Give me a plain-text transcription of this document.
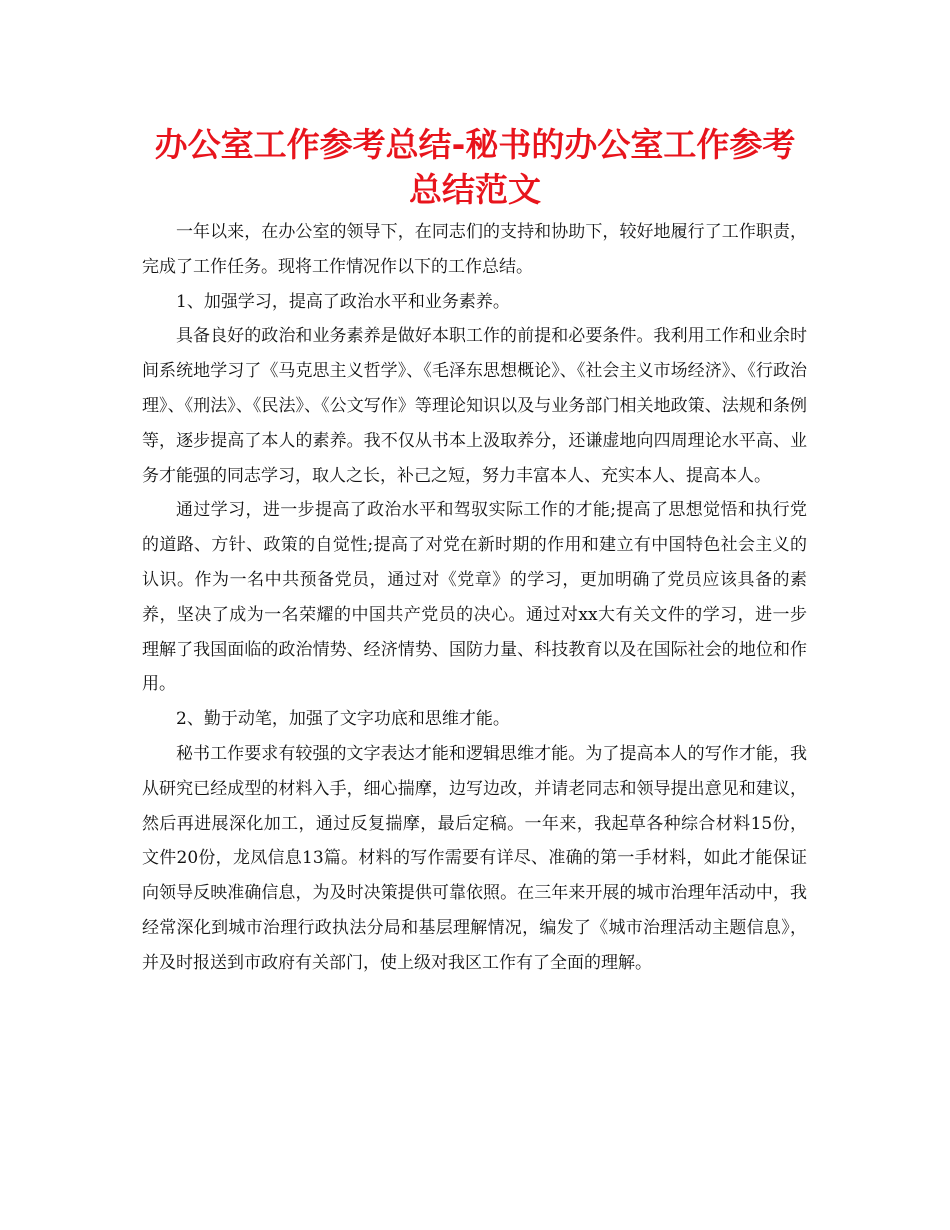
办公室工作参考总结-秘书的办公室工作参考总结范文

一年以来，在办公室的领导下，在同志们的支持和协助下，较好地履行了工作职责，完成了工作任务。现将工作情况作以下的工作总结。

1、加强学习，提高了政治水平和业务素养。

具备良好的政治和业务素养是做好本职工作的前提和必要条件。我利用工作和业余时间系统地学习了《马克思主义哲学》、《毛泽东思想概论》、《社会主义市场经济》、《行政治理》、《刑法》、《民法》、《公文写作》等理论知识以及与业务部门相关地政策、法规和条例等，逐步提高了本人的素养。我不仅从书本上汲取养分，还谦虚地向四周理论水平高、业务才能强的同志学习，取人之长，补己之短，努力丰富本人、充实本人、提高本人。

通过学习，进一步提高了政治水平和驾驭实际工作的才能;提高了思想觉悟和执行党的道路、方针、政策的自觉性;提高了对党在新时期的作用和建立有中国特色社会主义的认识。作为一名中共预备党员，通过对《党章》的学习，更加明确了党员应该具备的素养，坚决了成为一名荣耀的中国共产党员的决心。通过对xx大有关文件的学习，进一步理解了我国面临的政治情势、经济情势、国防力量、科技教育以及在国际社会的地位和作用。

2、勤于动笔，加强了文字功底和思维才能。

秘书工作要求有较强的文字表达才能和逻辑思维才能。为了提高本人的写作才能，我从研究已经成型的材料入手，细心揣摩，边写边改，并请老同志和领导提出意见和建议，然后再进展深化加工，通过反复揣摩，最后定稿。一年来，我起草各种综合材料15份，文件20份，龙凤信息13篇。材料的写作需要有详尽、准确的第一手材料，如此才能保证向领导反映准确信息，为及时决策提供可靠依照。在三年来开展的城市治理年活动中，我经常深化到城市治理行政执法分局和基层理解情况，编发了《城市治理活动主题信息》，并及时报送到市政府有关部门，使上级对我区工作有了全面的理解。
